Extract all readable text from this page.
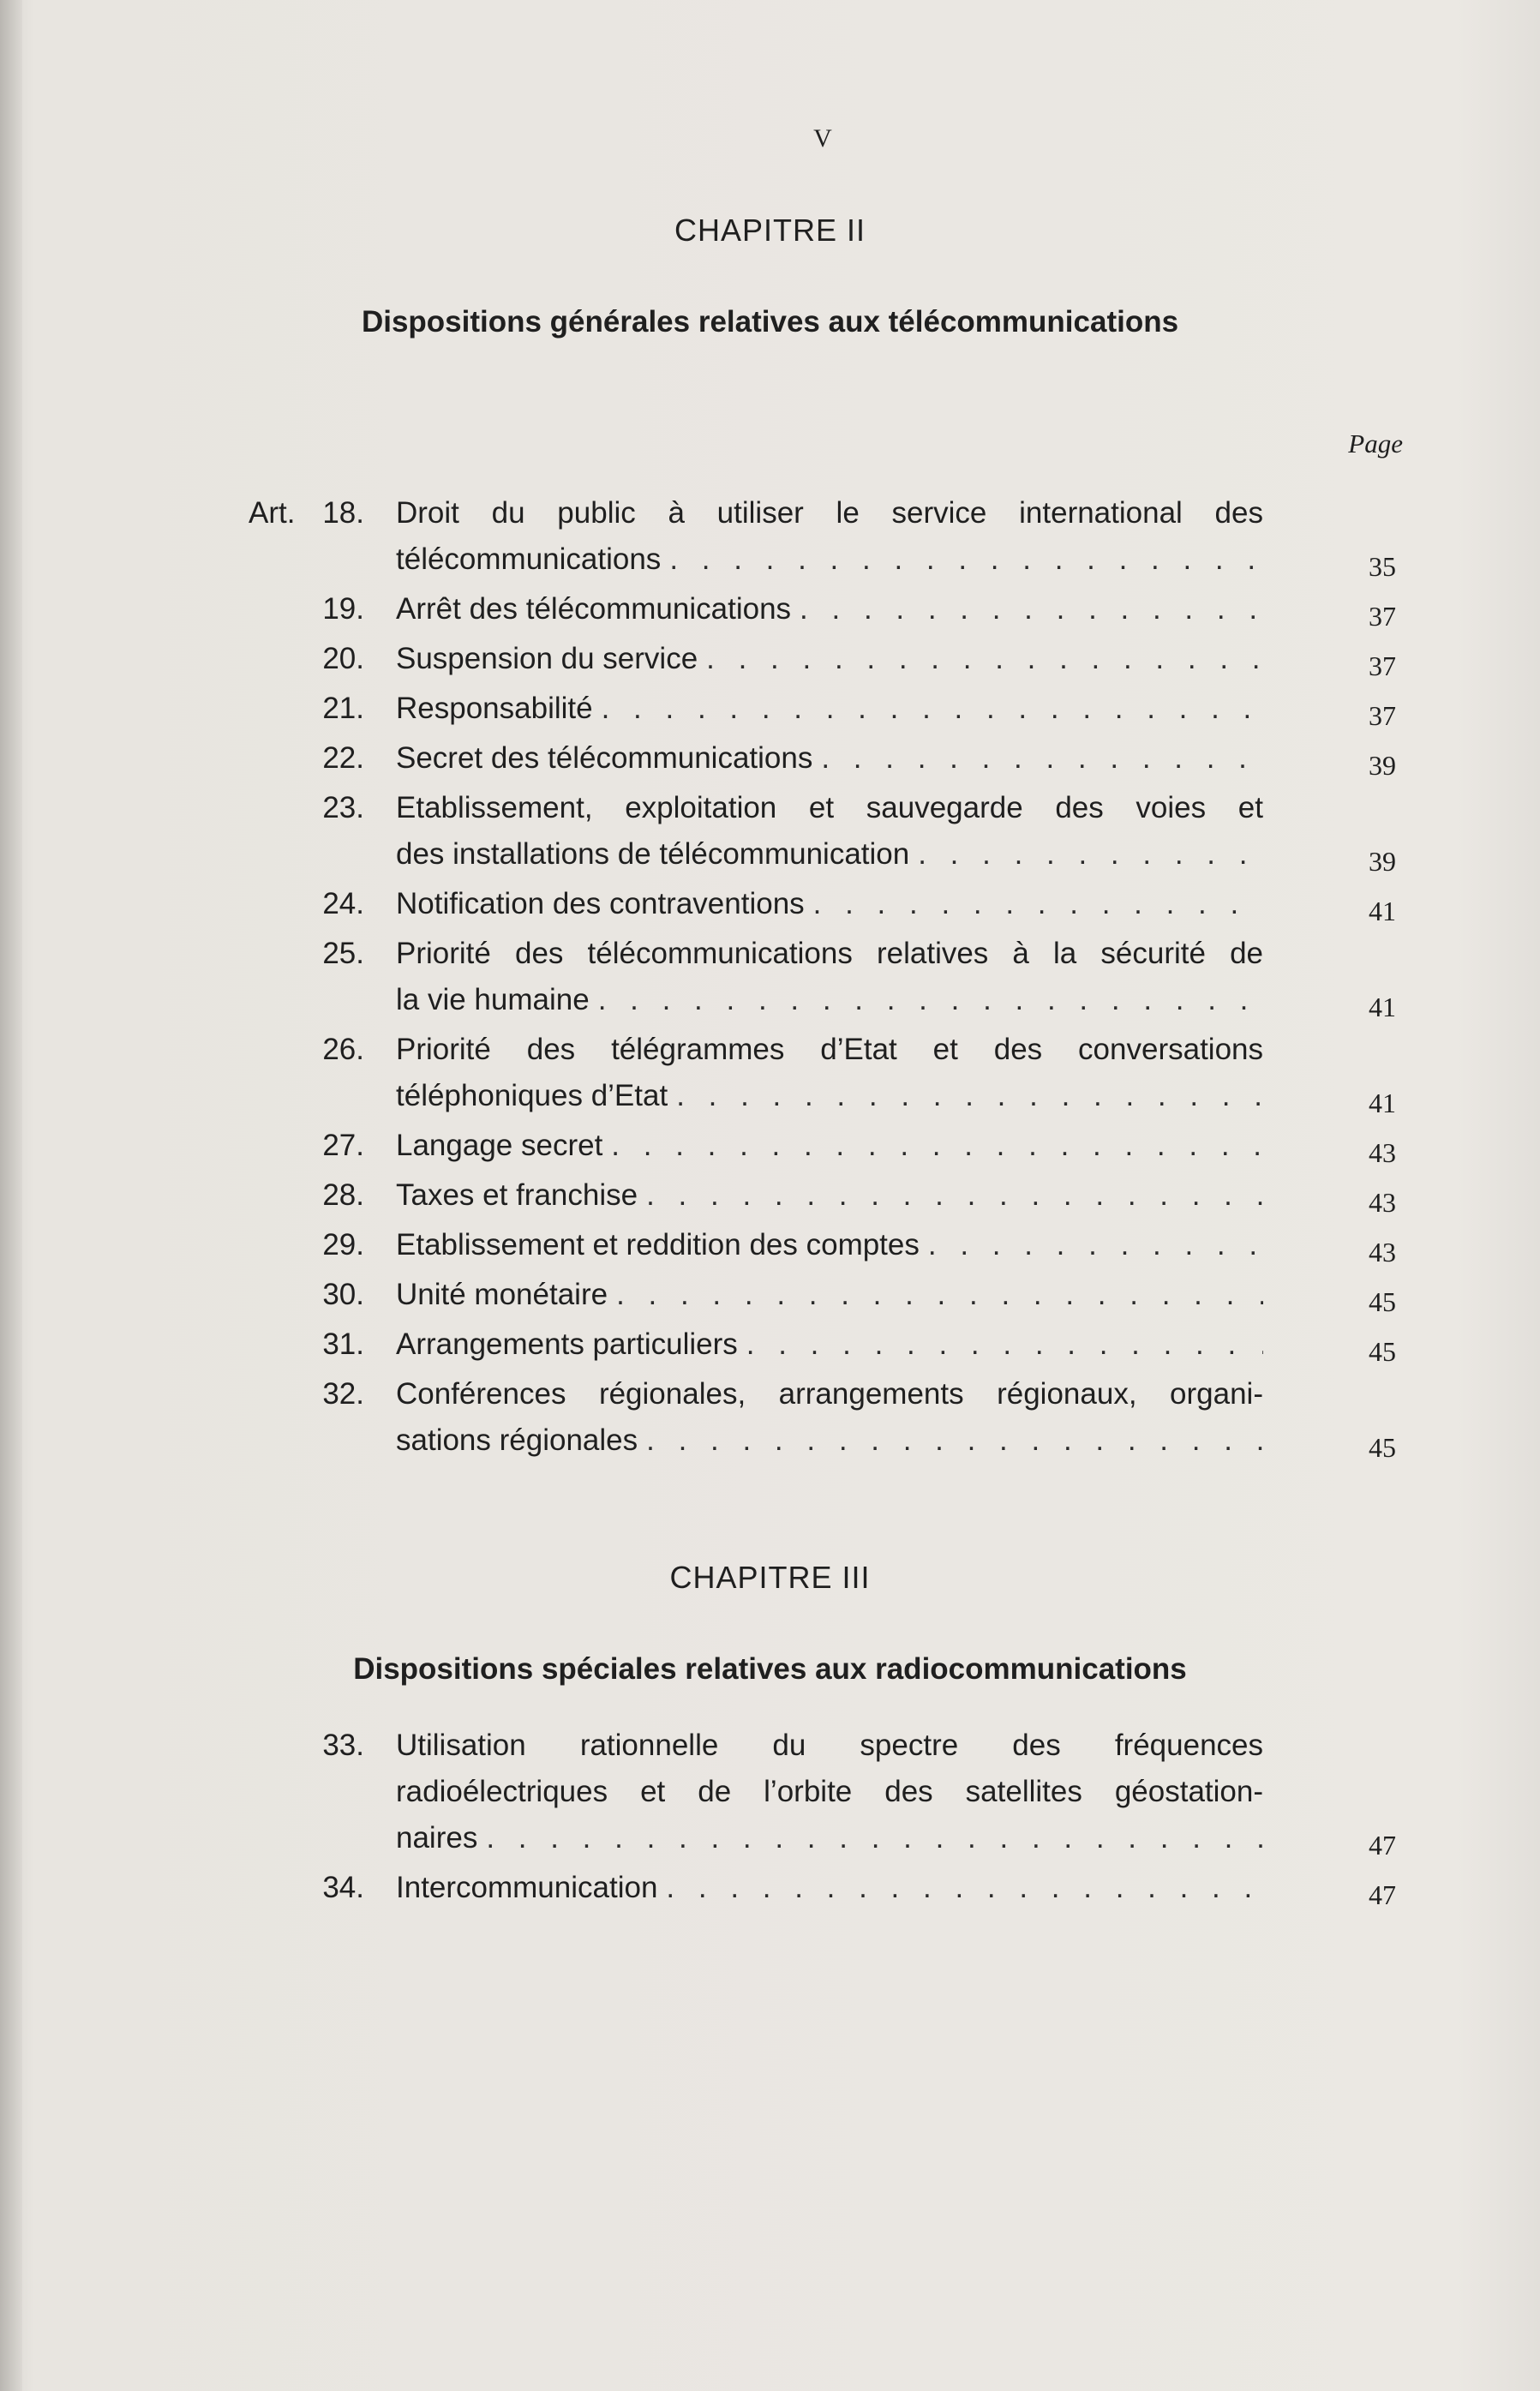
V
CHAPITRE II
Dispositions générales relatives aux télécommunications
Page
Art. 18. Droit du public à utiliser le service international des
télécommunications . . .	35
19. Arrêt des télécommunications . . .	37
20. Suspension du service . . .	37
21. Responsabilité . . .	37
22. Secret des télécommunications . . .	39
23. Etablissement, exploitation et sauvegarde des voies et
des installations de télécommunication . . .	39
24. Notification des contraventions . . .	41
25. Priorité des télécommunications relatives à la sécurité de
la vie humaine . . .	41
26. Priorité des télégrammes d’Etat et des conversations
téléphoniques d’Etat . . .	41
27. Langage secret . . .	43
28. Taxes et franchise . . .	43
29. Etablissement et reddition des comptes . . .	43
30. Unité monétaire . . .	45
31. Arrangements particuliers . . .	45
32. Conférences régionales, arrangements régionaux, organi-
sations régionales . . .	45
CHAPITRE III
Dispositions spéciales relatives aux radiocommunications
33. Utilisation rationnelle du spectre des fréquences
radioélectriques et de l’orbite des satellites géostation-
naires . . .	47
34. Intercommunication . . .	47
